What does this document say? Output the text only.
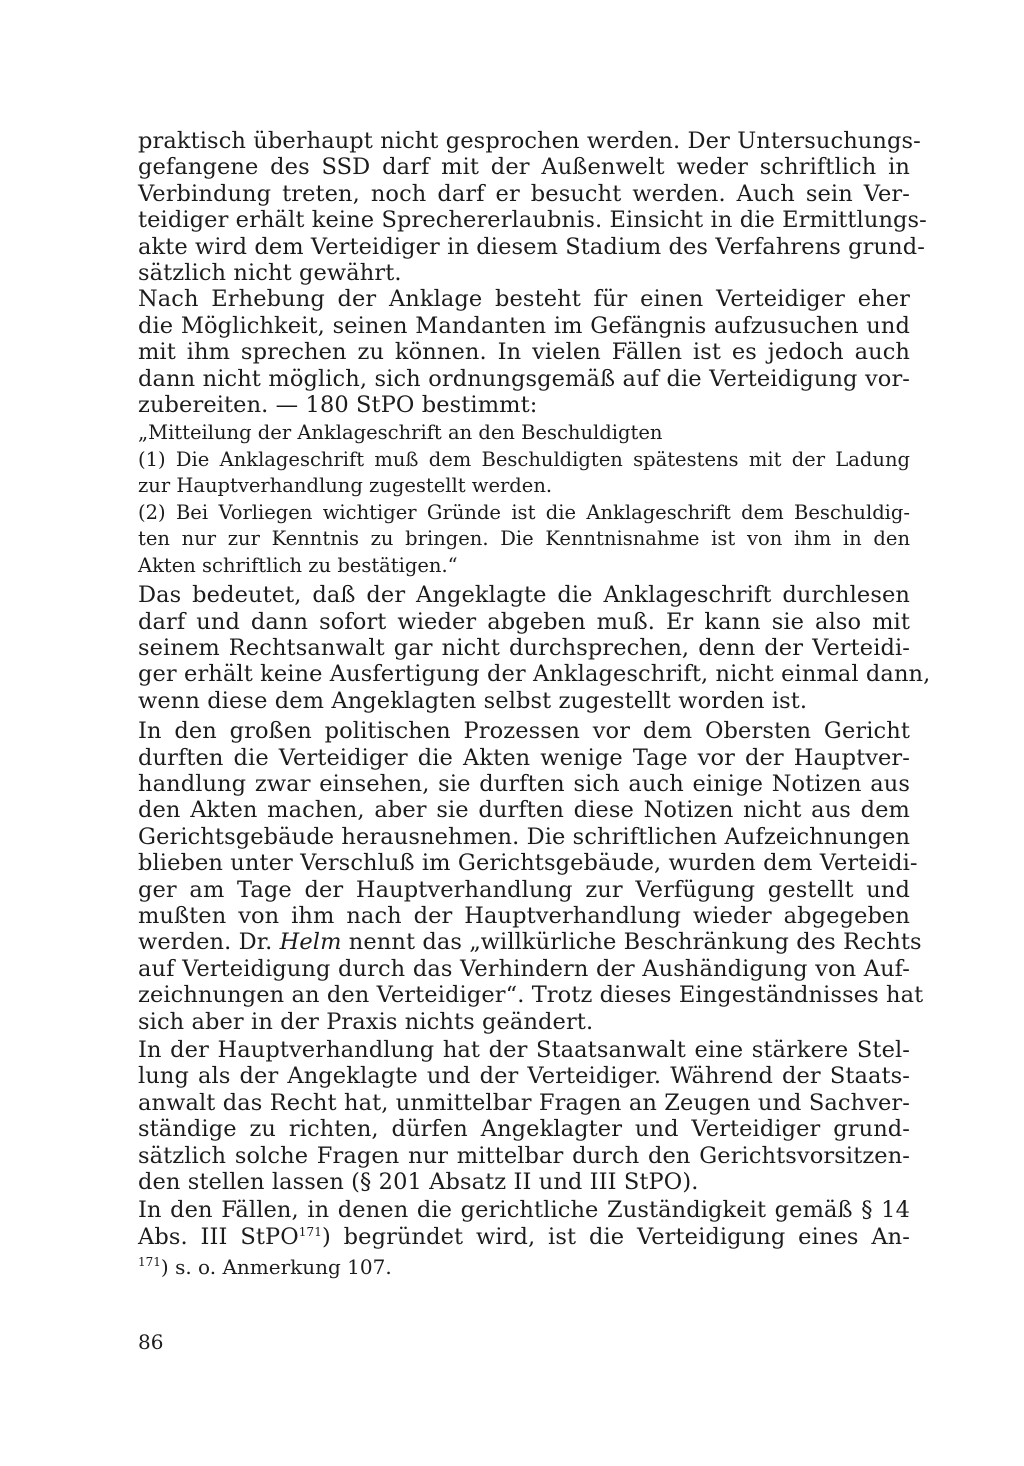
praktisch überhaupt nicht gesprochen werden. Der Untersuchungs-
gefangene des SSD darf mit der Außenwelt weder schriftlich in
Verbindung treten, noch darf er besucht werden. Auch sein Ver-
teidiger erhält keine Sprechererlaubnis. Einsicht in die Ermittlungs-
akte wird dem Verteidiger in diesem Stadium des Verfahrens grund-
sätzlich nicht gewährt.
Nach Erhebung der Anklage besteht für einen Verteidiger eher
die Möglichkeit, seinen Mandanten im Gefängnis aufzusuchen und
mit ihm sprechen zu können. In vielen Fällen ist es jedoch auch
dann nicht möglich, sich ordnungsgemäß auf die Verteidigung vor-
zubereiten. — 180 StPO bestimmt:
„Mitteilung der Anklageschrift an den Beschuldigten
(1) Die Anklageschrift muß dem Beschuldigten spätestens mit der Ladung
zur Hauptverhandlung zugestellt werden.
(2) Bei Vorliegen wichtiger Gründe ist die Anklageschrift dem Beschuldig-
ten nur zur Kenntnis zu bringen. Die Kenntnisnahme ist von ihm in den
Akten schriftlich zu bestätigen.“
Das bedeutet, daß der Angeklagte die Anklageschrift durchlesen
darf und dann sofort wieder abgeben muß. Er kann sie also mit
seinem Rechtsanwalt gar nicht durchsprechen, denn der Verteidi-
ger erhält keine Ausfertigung der Anklageschrift, nicht einmal dann,
wenn diese dem Angeklagten selbst zugestellt worden ist.
In den großen politischen Prozessen vor dem Obersten Gericht
durften die Verteidiger die Akten wenige Tage vor der Hauptver-
handlung zwar einsehen, sie durften sich auch einige Notizen aus
den Akten machen, aber sie durften diese Notizen nicht aus dem
Gerichtsgebäude herausnehmen. Die schriftlichen Aufzeichnungen
blieben unter Verschluß im Gerichtsgebäude, wurden dem Verteidi-
ger am Tage der Hauptverhandlung zur Verfügung gestellt und
mußten von ihm nach der Hauptverhandlung wieder abgegeben
werden. Dr. Helm nennt das „willkürliche Beschränkung des Rechts
auf Verteidigung durch das Verhindern der Aushändigung von Auf-
zeichnungen an den Verteidiger“. Trotz dieses Eingeständnisses hat
sich aber in der Praxis nichts geändert.
In der Hauptverhandlung hat der Staatsanwalt eine stärkere Stel-
lung als der Angeklagte und der Verteidiger. Während der Staats-
anwalt das Recht hat, unmittelbar Fragen an Zeugen und Sachver-
ständige zu richten, dürfen Angeklagter und Verteidiger grund-
sätzlich solche Fragen nur mittelbar durch den Gerichtsvorsitzen-
den stellen lassen (§ 201 Absatz II und III StPO).
In den Fällen, in denen die gerichtliche Zuständigkeit gemäß § 14
Abs. III StPO$^{171}$) begründet wird, ist die Verteidigung eines An-
$^{171}$) s. o. Anmerkung 107.
86
